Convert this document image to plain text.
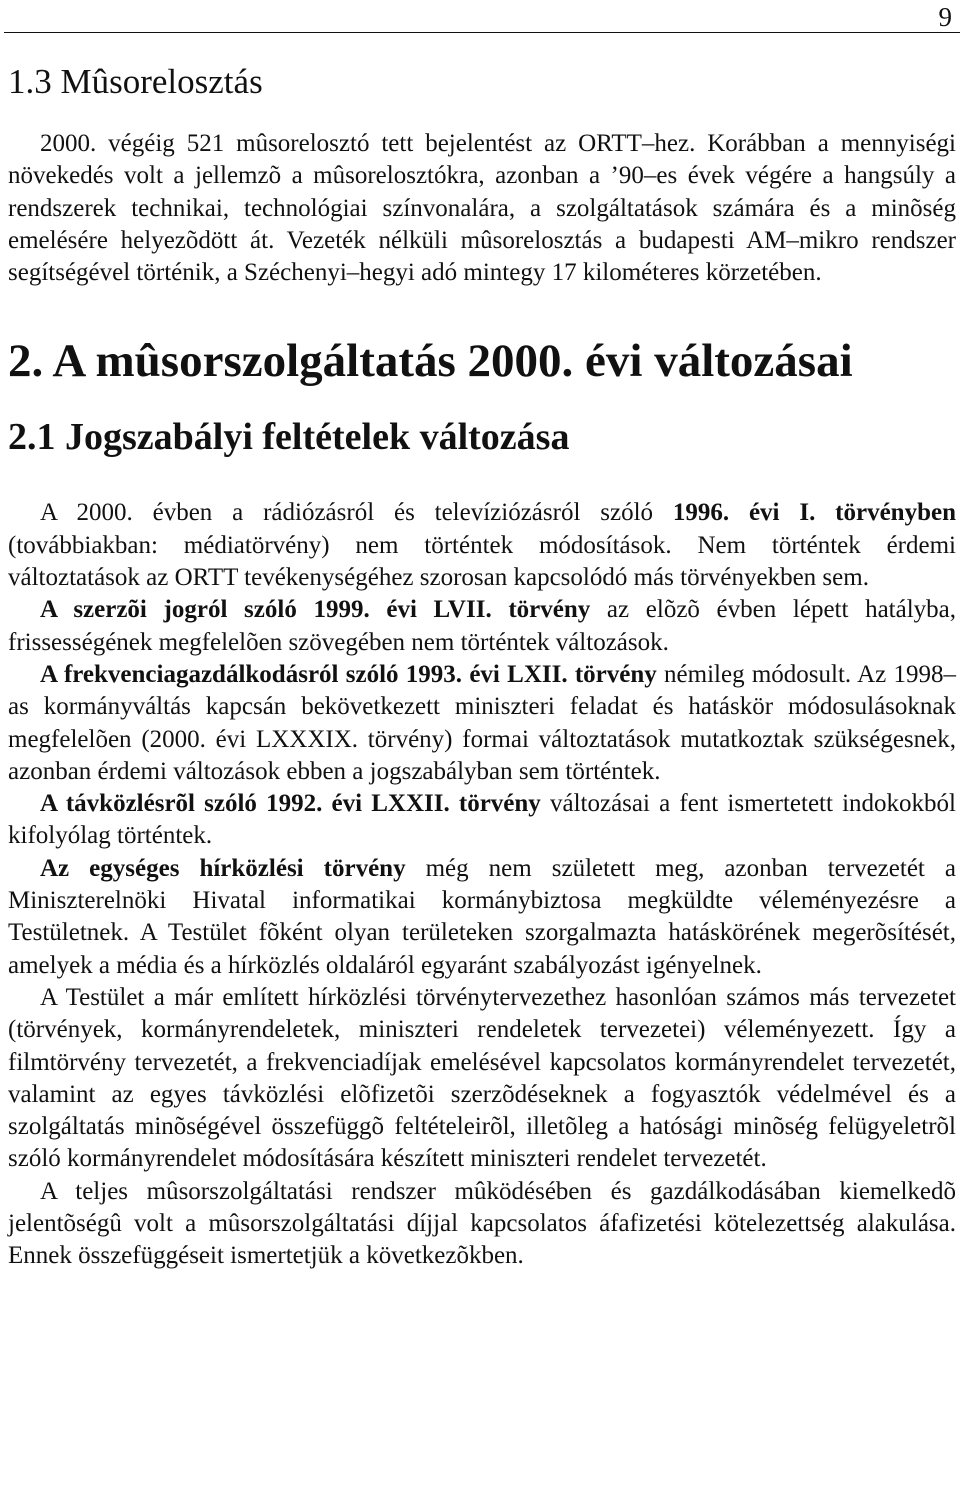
9
1.3 Mûsorelosztás

2000. végéig 521 mûsorelosztó tett bejelentést az ORTT–hez. Korábban a mennyiségi növekedés volt a jellemzõ a mûsorelosztókra, azonban a ’90–es évek végére a hangsúly a rendszerek technikai, technológiai színvonalára, a szolgáltatások számára és a minõség emelésére helyezõdött át. Vezeték nélküli mûsorelosztás a budapesti AM–mikro rendszer segítségével történik, a Széchenyi–hegyi adó mintegy 17 kilométeres körzetében.

2. A mûsorszolgáltatás 2000. évi változásai
2.1 Jogszabályi feltételek változása

A 2000. évben a rádiózásról és televíziózásról szóló 1996. évi I. törvényben (továbbiakban: médiatörvény) nem történtek módosítások. Nem történtek érdemi változtatások az ORTT tevékenységéhez szorosan kapcsolódó más törvényekben sem.

A szerzõi jogról szóló 1999. évi LVII. törvény az elõzõ évben lépett hatályba, frissességének megfelelõen szövegében nem történtek változások.

A frekvenciagazdálkodásról szóló 1993. évi LXII. törvény némileg módosult. Az 1998–as kormányváltás kapcsán bekövetkezett miniszteri feladat és hatáskör módosulásoknak megfelelõen (2000. évi LXXXIX. törvény) formai változtatások mutatkoztak szükségesnek, azonban érdemi változások ebben a jogszabályban sem történtek.

A távközlésrõl szóló 1992. évi LXXII. törvény változásai a fent ismertetett indokokból kifolyólag történtek.

Az egységes hírközlési törvény még nem született meg, azonban tervezetét a Miniszterelnöki Hivatal informatikai kormánybiztosa megküldte véleményezésre a Testületnek. A Testület fõként olyan területeken szorgalmazta hatáskörének megerõsítését, amelyek a média és a hírközlés oldaláról egyaránt szabályozást igényelnek.

A Testület a már említett hírközlési törvénytervezethez hasonlóan számos más tervezetet (törvények, kormányrendeletek, miniszteri rendeletek tervezetei) véleményezett. Így a filmtörvény tervezetét, a frekvenciadíjak emelésével kapcsolatos kormányrendelet tervezetét, valamint az egyes távközlési elõfizetõi szerzõdéseknek a fogyasztók védelmével és a szolgáltatás minõségével összefüggõ feltételeirõl, illetõleg a hatósági minõség felügyeletrõl szóló kormányrendelet módosítására készített miniszteri rendelet tervezetét.

A teljes mûsorszolgáltatási rendszer mûködésében és gazdálkodásában kiemelkedõ jelentõségû volt a mûsorszolgáltatási díjjal kapcsolatos áfafizetési kötelezettség alakulása. Ennek összefüggéseit ismertetjük a következõkben.
